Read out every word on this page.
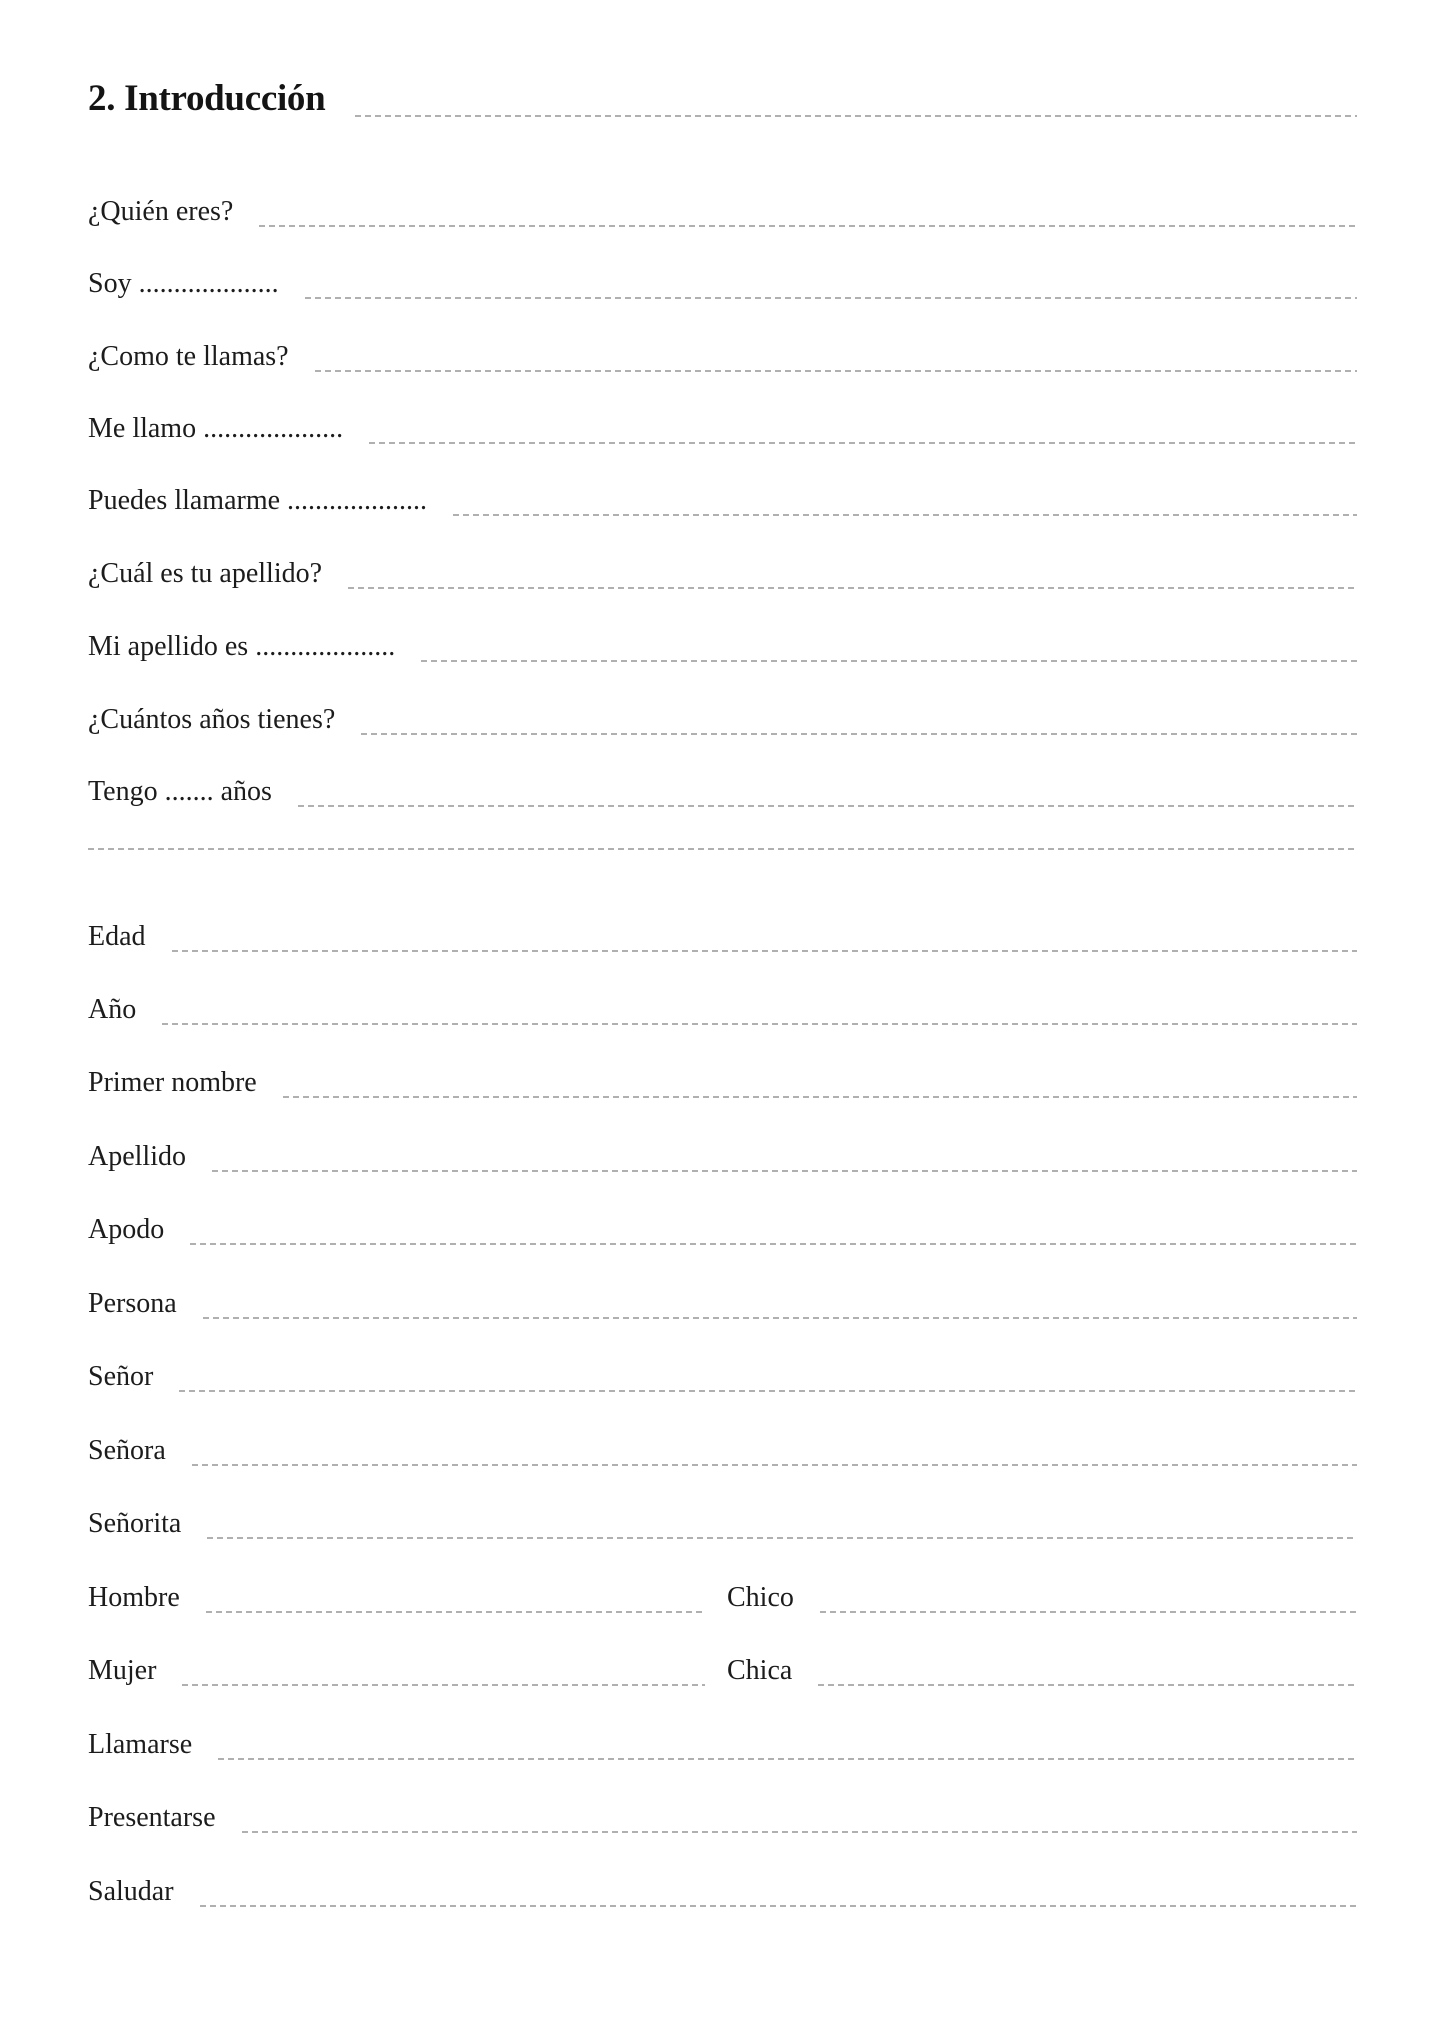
2. Introducción
¿Quién eres?
Soy ....................
¿Como te llamas?
Me llamo ....................
Puedes llamarme ....................
¿Cuál es tu apellido?
Mi apellido es ....................
¿Cuántos años tienes?
Tengo ....... años
Edad
Año
Primer nombre
Apellido
Apodo
Persona
Señor
Señora
Señorita
Hombre	Chico
Mujer	Chica
Llamarse
Presentarse
Saludar
